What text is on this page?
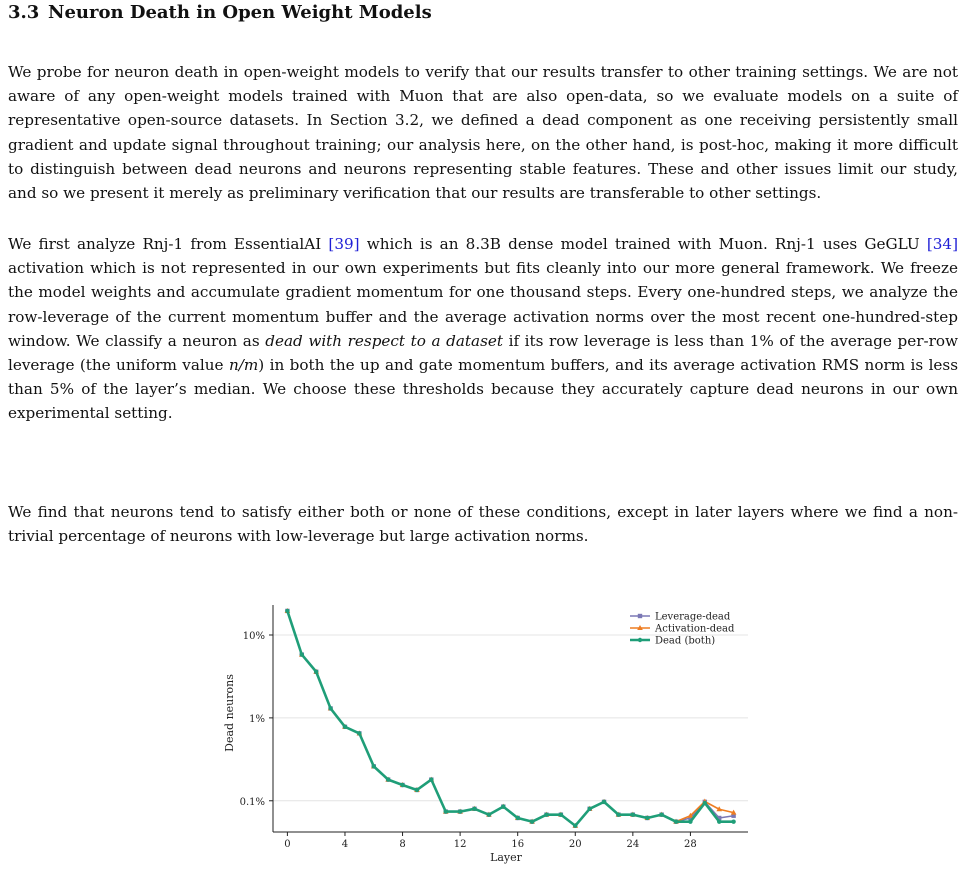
3.3 Neuron Death in Open Weight Models

We probe for neuron death in open-weight models to verify that our results transfer to other training settings. We are not aware of any open-weight models trained with Muon that are also open-data, so we evaluate models on a suite of representative open-source datasets. In Section 3.2, we defined a dead component as one receiving persistently small gradient and update signal throughout training; our analysis here, on the other hand, is post-hoc, making it more difficult to distinguish between dead neurons and neurons representing stable features. These and other issues limit our study, and so we present it merely as preliminary verification that our results are transferable to other settings.

We first analyze Rnj-1 from EssentialAI [39] which is an 8.3B dense model trained with Muon. Rnj-1 uses GeGLU [34] activation which is not represented in our own experiments but fits cleanly into our more general framework. We freeze the model weights and accumulate gradient momentum for one thousand steps. Every one-hundred steps, we analyze the row-leverage of the current momentum buffer and the average activation norms over the most recent one-hundred-step window. We classify a neuron as dead with respect to a dataset if its row leverage is less than 1% of the average per-row leverage (the uniform value n/m) in both the up and gate momentum buffers, and its average activation RMS norm is less than 5% of the layer’s median. We choose these thresholds because they accurately capture dead neurons in our own experimental setting.

We find that neurons tend to satisfy either both or none of these conditions, except in later layers where we find a non-trivial percentage of neurons with low-leverage but large activation norms.

0.1%
1%
10%
0	4	8	12	16	20	24	28
Layer
Dead neurons
Leverage-dead
Activation-dead
Dead (both)
